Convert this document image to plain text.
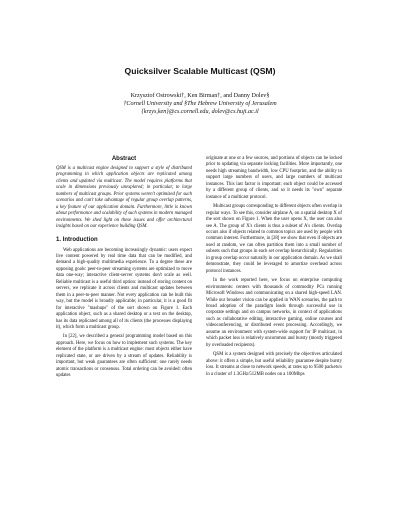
Quicksilver Scalable Multicast (QSM)
Krzysztof Ostrowski†, Ken Birman†, and Danny Dolev§
†Cornell University and §The Hebrew University of Jerusalem
{krzys,ken}@cs.cornell.edu, dolev@cs.huji.ac.il
Abstract

QSM is a multicast engine designed to support a style of distributed programming in which application objects are replicated among clients and updated via multicast. The model requires platforms that scale in dimensions previously unexplored; in particular, to large numbers of multicast groups. Prior systems weren't optimized for such scenarios and can't take advantage of regular group overlap patterns, a key feature of our application domain. Furthermore, little is known about performance and scalability of such systems in modern managed environments. We shed light on these issues and offer architectural insights based on our experience building QSM.

1. Introduction

Web applications are becoming increasingly dynamic: users expect live content powered by real time data that can be modified, and demand a high-quality multimedia experience. To a degree these are opposing goals: peer-to-peer streaming systems are optimized to move data one-way; interactive client-server systems don't scale as well. Reliable multicast is a useful third option: instead of storing content on servers, we replicate it across clients and multicast updates between them in a peer-to-peer manner. Not every application can be built this way, but the model is broadly applicable; in particular, it is a good fit for interactive "mashups" of the sort shown on Figure 1. Each application object, such as a shared desktop or a text on the desktop, has its data replicated among all of its clients (the processes displaying it), which form a multicast group.

In [22], we described a general programming model based on this approach. Here, we focus on how to implement such systems. The key element of the platform is a multicast engine: most objects either have replicated state, or are driven by a stream of updates. Reliability is important, but weak guarantees are often sufficient: one rarely needs atomic transactions or consensus. Total ordering can be avoided: often updates

originate at one or a few sources, and portions of objects can be locked prior to updating via separate locking facilities. More importantly, one needs high streaming bandwidth, low CPU footprint, and the ability to support large numbers of users, and large numbers of multicast instances. This last factor is important: each object could be accessed by a different group of clients, and so it needs its "own" separate instance of a multicast protocol.

Multicast groups corresponding to different objects often overlap in regular ways. To see this, consider airplane A, on a spatial desktop X of the sort shown on Figure 1. When the user opens X, the user can also see A. The group of X's clients is thus a subset of A's clients. Overlap occurs also if objects related to common topics are used by people with common interest. Furthermore, in [28] we show that even if objects are used at random, we can often partition them into a small number of subsets such that groups in each set overlap hierarchically. Regularities in group overlap occur naturally in our application domain. As we shall demonstrate, they could be leveraged to amortize overhead across protocol instances.

In the work reported here, we focus on enterprise computing environments: centers with thousands of commodity PCs running Microsoft Windows and communicating on a shared high-speed LAN. While our broader vision can be applied in WAN scenarios, the path to broad adoption of the paradigm leads through successful use in corporate settings and on campus networks, in context of applications such as collaborative editing, interactive gaming, online courses and videoconferencing, or distributed event processing. Accordingly, we assume an environment with system-wide support for IP multicast, in which packet loss is relatively uncommon and bursty (mostly triggered by overloaded recipients).

QSM is a system designed with precisely the objectives articulated above: it offers a simple, but useful reliability guarantee despite bursty loss. It streams at close to network speeds, at rates up to 9500 packets/s in a cluster of 1.3GHz/512MB nodes on a 100Mbps
